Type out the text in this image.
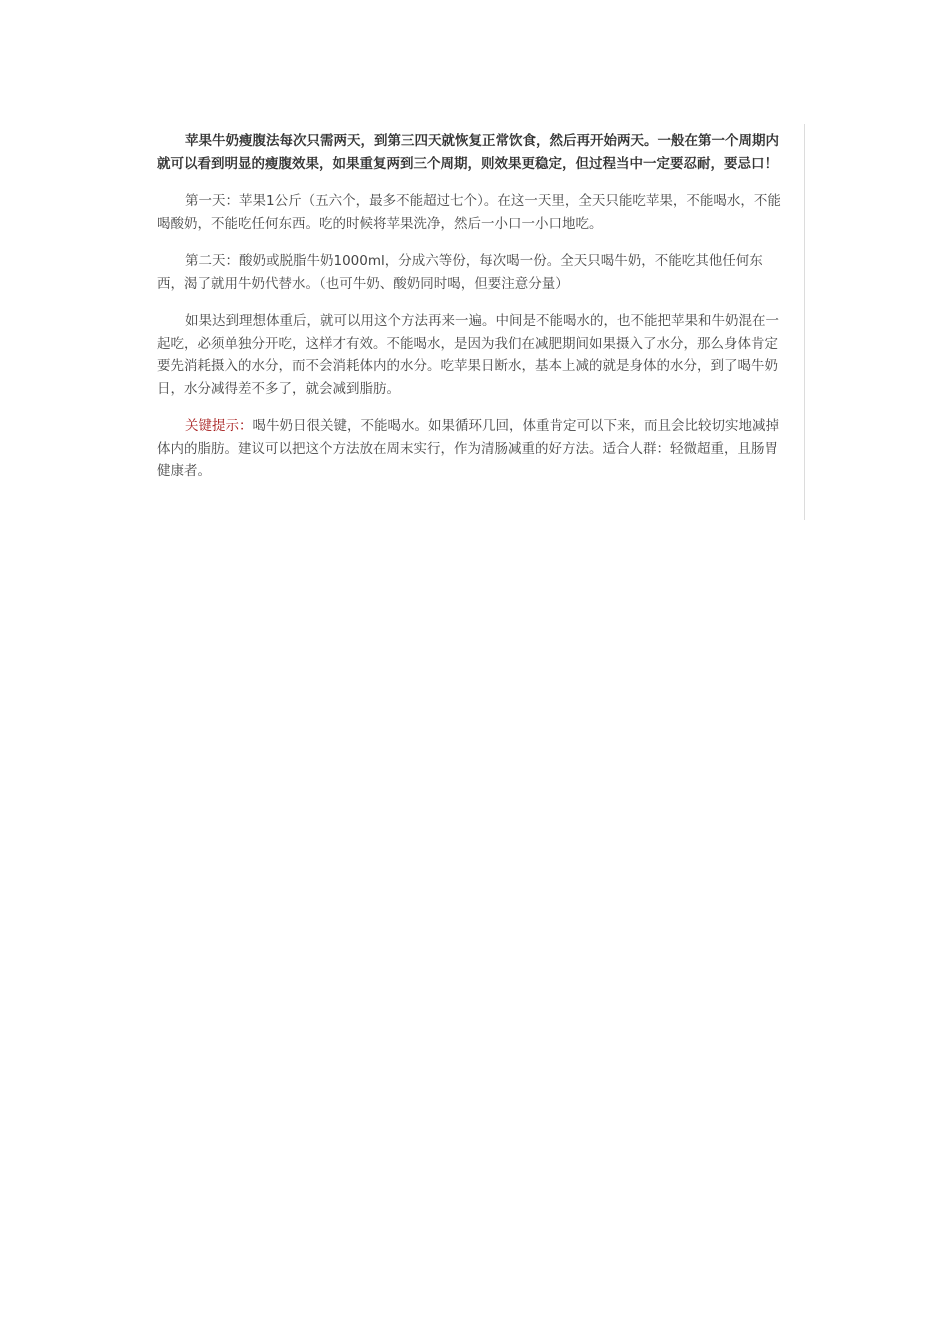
苹果牛奶瘦腹法每次只需两天，到第三四天就恢复正常饮食，然后再开始两天。一般在第一个周期内就可以看到明显的瘦腹效果，如果重复两到三个周期，则效果更稳定，但过程当中一定要忍耐，要忌口！

第一天：苹果1公斤（五六个，最多不能超过七个）。在这一天里，全天只能吃苹果，不能喝水，不能喝酸奶，不能吃任何东西。吃的时候将苹果洗净，然后一小口一小口地吃。

第二天：酸奶或脱脂牛奶1000ml，分成六等份，每次喝一份。全天只喝牛奶，不能吃其他任何东西，渴了就用牛奶代替水。（也可牛奶、酸奶同时喝，但要注意分量）

如果达到理想体重后，就可以用这个方法再来一遍。中间是不能喝水的，也不能把苹果和牛奶混在一起吃，必须单独分开吃，这样才有效。不能喝水，是因为我们在减肥期间如果摄入了水分，那么身体肯定要先消耗摄入的水分，而不会消耗体内的水分。吃苹果日断水，基本上减的就是身体的水分，到了喝牛奶日，水分减得差不多了，就会减到脂肪。

关键提示：喝牛奶日很关键，不能喝水。如果循环几回，体重肯定可以下来，而且会比较切实地减掉体内的脂肪。建议可以把这个方法放在周末实行，作为清肠减重的好方法。适合人群：轻微超重，且肠胃健康者。
